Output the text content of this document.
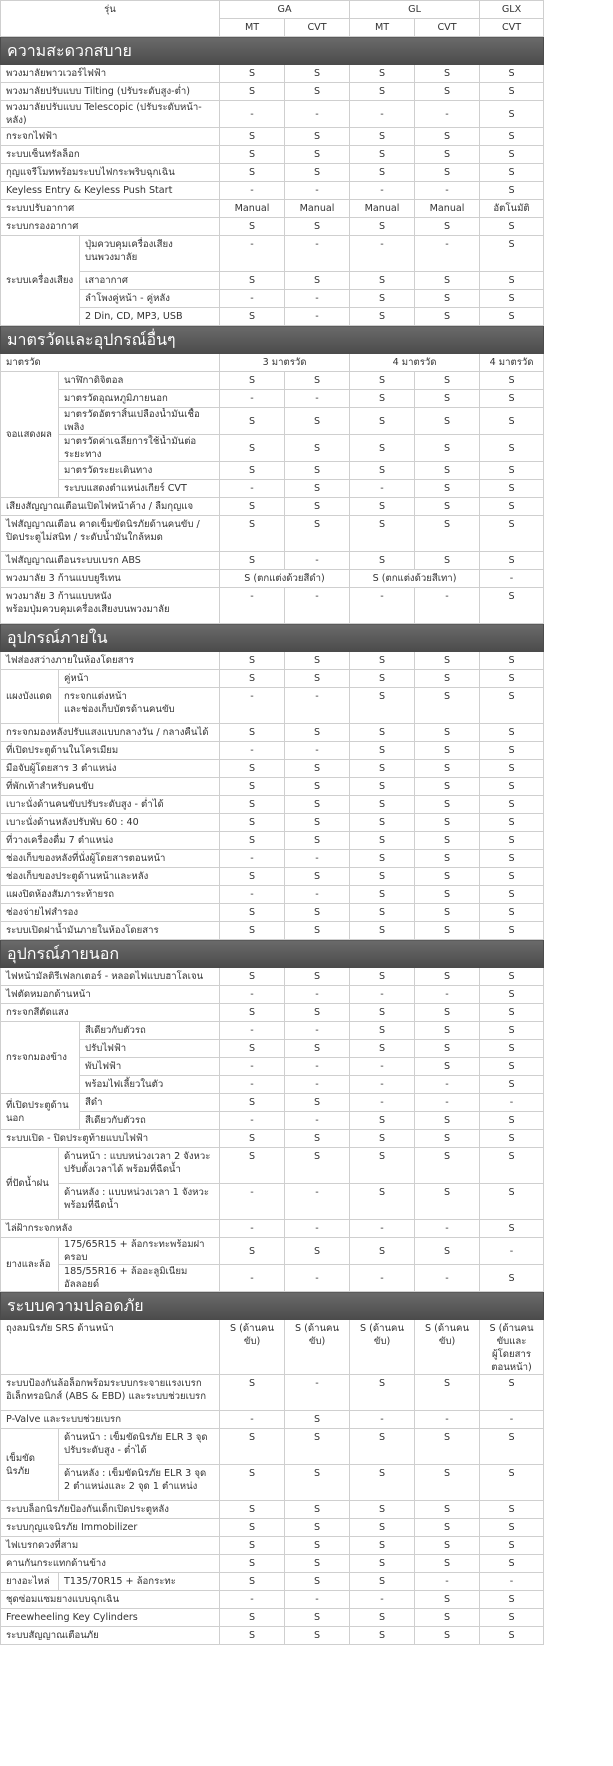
รุ่น			GA		GL		GLX
			MT	CVT	MT	CVT	CVT
ความสะดวกสบาย							
พวงมาลัยพาวเวอร์ไฟฟ้า			S	S	S	S	S
พวงมาลัยปรับแบบ Tilting (ปรับระดับสูง-ต่ำ)			S	S	S	S	S
พวงมาลัยปรับแบบ Telescopic (ปรับระดับหน้า-หลัง)			-	-	-	-	S
กระจกไฟฟ้า			S	S	S	S	S
ระบบเซ็นทรัลล็อก			S	S	S	S	S
กุญแจรีโมทพร้อมระบบไฟกระพริบฉุกเฉิน			S	S	S	S	S
Keyless Entry & Keyless Push Start			-	-	-	-	S
ระบบปรับอากาศ			Manual	Manual	Manual	Manual	อัตโนมัติ
ระบบกรองอากาศ			S	S	S	S	S
ระบบเครื่องเสียง		ปุ่มควบคุมเครื่องเสียง
บนพวงมาลัย	-	-	-	-	S
		เสาอากาศ	S	S	S	S	S
		ลำโพงคู่หน้า - คู่หลัง	-	-	S	S	S
		2 Din, CD, MP3, USB	S	-	S	S	S
มาตรวัดและอุปกรณ์อื่นๆ							
มาตรวัด			3 มาตรวัด		4 มาตรวัด		4 มาตรวัด
จอแสดงผล	นาฬิกาดิจิตอล		S	S	S	S	S
	มาตรวัดอุณหภูมิภายนอก		-	-	S	S	S
	มาตรวัดอัตราสิ้นเปลืองน้ำมันเชื้อเพลิง		S	S	S	S	S
	มาตรวัดค่าเฉลี่ยการใช้น้ำมันต่อระยะทาง		S	S	S	S	S
	มาตรวัดระยะเดินทาง		S	S	S	S	S
	ระบบแสดงตำแหน่งเกียร์ CVT		-	S	-	S	S
เสียงสัญญาณเตือนเปิดไฟหน้าค้าง / ลืมกุญแจ			S	S	S	S	S
ไฟสัญญาณเตือน คาดเข็มขัดนิรภัยด้านคนขับ /
ปิดประตูไม่สนิท / ระดับน้ำมันใกล้หมด			S	S	S	S	S
ไฟสัญญาณเตือนระบบเบรก ABS			S	-	S	S	S
พวงมาลัย 3 ก้านแบบยูรีเทน			S (ตกแต่งด้วยสีดำ)		S (ตกแต่งด้วยสีเทา)		-
พวงมาลัย 3 ก้านแบบหนัง
พร้อมปุ่มควบคุมเครื่องเสียงบนพวงมาลัย			-	-	-	-	S
อุปกรณ์ภายใน							
ไฟส่องสว่างภายในห้องโดยสาร			S	S	S	S	S
แผงบังแดด	คู่หน้า		S	S	S	S	S
	กระจกแต่งหน้า
และช่องเก็บบัตรด้านคนขับ		-	-	S	S	S
กระจกมองหลังปรับแสงแบบกลางวัน / กลางคืนได้			S	S	S	S	S
ที่เปิดประตูด้านในโครเมียม			-	-	S	S	S
มือจับผู้โดยสาร 3 ตำแหน่ง			S	S	S	S	S
ที่พักเท้าสำหรับคนขับ			S	S	S	S	S
เบาะนั่งด้านคนขับปรับระดับสูง - ต่ำได้			S	S	S	S	S
เบาะนั่งด้านหลังปรับพับ 60 : 40			S	S	S	S	S
ที่วางเครื่องดื่ม 7 ตำแหน่ง			S	S	S	S	S
ช่องเก็บของหลังที่นั่งผู้โดยสารตอนหน้า			-	-	S	S	S
ช่องเก็บของประตูด้านหน้าและหลัง			S	S	S	S	S
แผงปิดห้องสัมภาระท้ายรถ			-	-	S	S	S
ช่องจ่ายไฟสำรอง			S	S	S	S	S
ระบบเปิดฝาน้ำมันภายในห้องโดยสาร			S	S	S	S	S
อุปกรณ์ภายนอก							
ไฟหน้ามัลติรีเฟลกเตอร์ - หลอดไฟแบบฮาโลเจน			S	S	S	S	S
ไฟตัดหมอกด้านหน้า			-	-	-	-	S
กระจกสีตัดแสง			S	S	S	S	S
กระจกมองข้าง		สีเดียวกับตัวรถ	-	-	S	S	S
		ปรับไฟฟ้า	S	S	S	S	S
		พับไฟฟ้า	-	-	-	S	S
		พร้อมไฟเลี้ยวในตัว	-	-	-	-	S
ที่เปิดประตูด้านนอก		สีดำ	S	S	-	-	-
		สีเดียวกับตัวรถ	-	-	S	S	S
ระบบเปิด - ปิดประตูท้ายแบบไฟฟ้า			S	S	S	S	S
ที่ปัดน้ำฝน	ด้านหน้า : แบบหน่วงเวลา 2 จังหวะ
ปรับตั้งเวลาได้ พร้อมที่ฉีดน้ำ		S	S	S	S	S
	ด้านหลัง : แบบหน่วงเวลา 1 จังหวะ
พร้อมที่ฉีดน้ำ		-	-	S	S	S
ไล่ฝ้ากระจกหลัง			-	-	-	-	S
ยางและล้อ	175/65R15 + ล้อกระทะพร้อมฝาครอบ		S	S	S	S	-
	185/55R16 + ล้ออะลูมิเนียมอัลลอยด์		-	-	-	-	S
ระบบความปลอดภัย							
ถุงลมนิรภัย SRS ด้านหน้า			S (ด้านคนขับ)	S (ด้านคนขับ)	S (ด้านคนขับ)	S (ด้านคนขับ)	S (ด้านคนขับและ
ผู้โดยสารตอนหน้า)
ระบบป้องกันล้อล็อกพร้อมระบบกระจายแรงเบรก
อิเล็กทรอนิกส์ (ABS & EBD) และระบบช่วยเบรก			S	-	S	S	S
P-Valve และระบบช่วยเบรก			-	S	-	-	-
เข็มขัดนิรภัย	ด้านหน้า : เข็มขัดนิรภัย ELR 3 จุด
ปรับระดับสูง - ต่ำได้		S	S	S	S	S
	ด้านหลัง : เข็มขัดนิรภัย ELR 3 จุด
2 ตำแหน่งและ 2 จุด 1 ตำแหน่ง		S	S	S	S	S
ระบบล็อกนิรภัยป้องกันเด็กเปิดประตูหลัง			S	S	S	S	S
ระบบกุญแจนิรภัย Immobilizer			S	S	S	S	S
ไฟเบรกดวงที่สาม			S	S	S	S	S
คานกันกระแทกด้านข้าง			S	S	S	S	S
ยางอะไหล่	T135/70R15 + ล้อกระทะ		S	S	S	-	-
ชุดซ่อมแซมยางแบบฉุกเฉิน			-	-	-	S	S
Freewheeling Key Cylinders			S	S	S	S	S
ระบบสัญญาณเตือนภัย			S	S	S	S	S
